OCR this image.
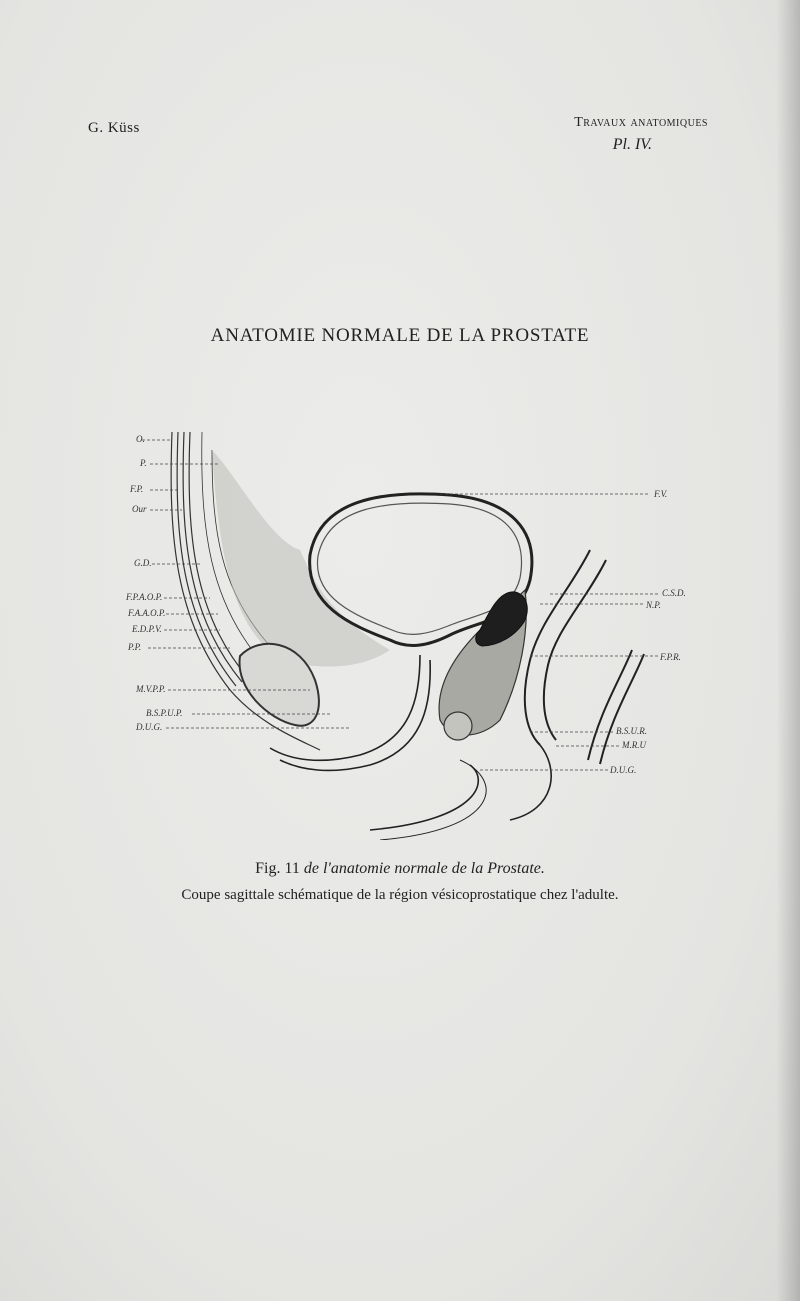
G. Küss	Travaux anatomiques
Pl. IV.
ANATOMIE NORMALE DE LA PROSTATE
O.
P.
F.P.
Our
G.D.
F.P.A.O.P.
F.A.A.O.P.
E.D.P.V.
P.P.
M.V.P.P.
B.S.P.U.P.
D.U.G.
F.V.
C.S.D.
N.P.
F.P.R.
B.S.U.R.
M.R.U
D.U.G.
Fig. 11 de l'anatomie normale de la Prostate.
Coupe sagittale schématique de la région vésicoprostatique chez l'adulte.
